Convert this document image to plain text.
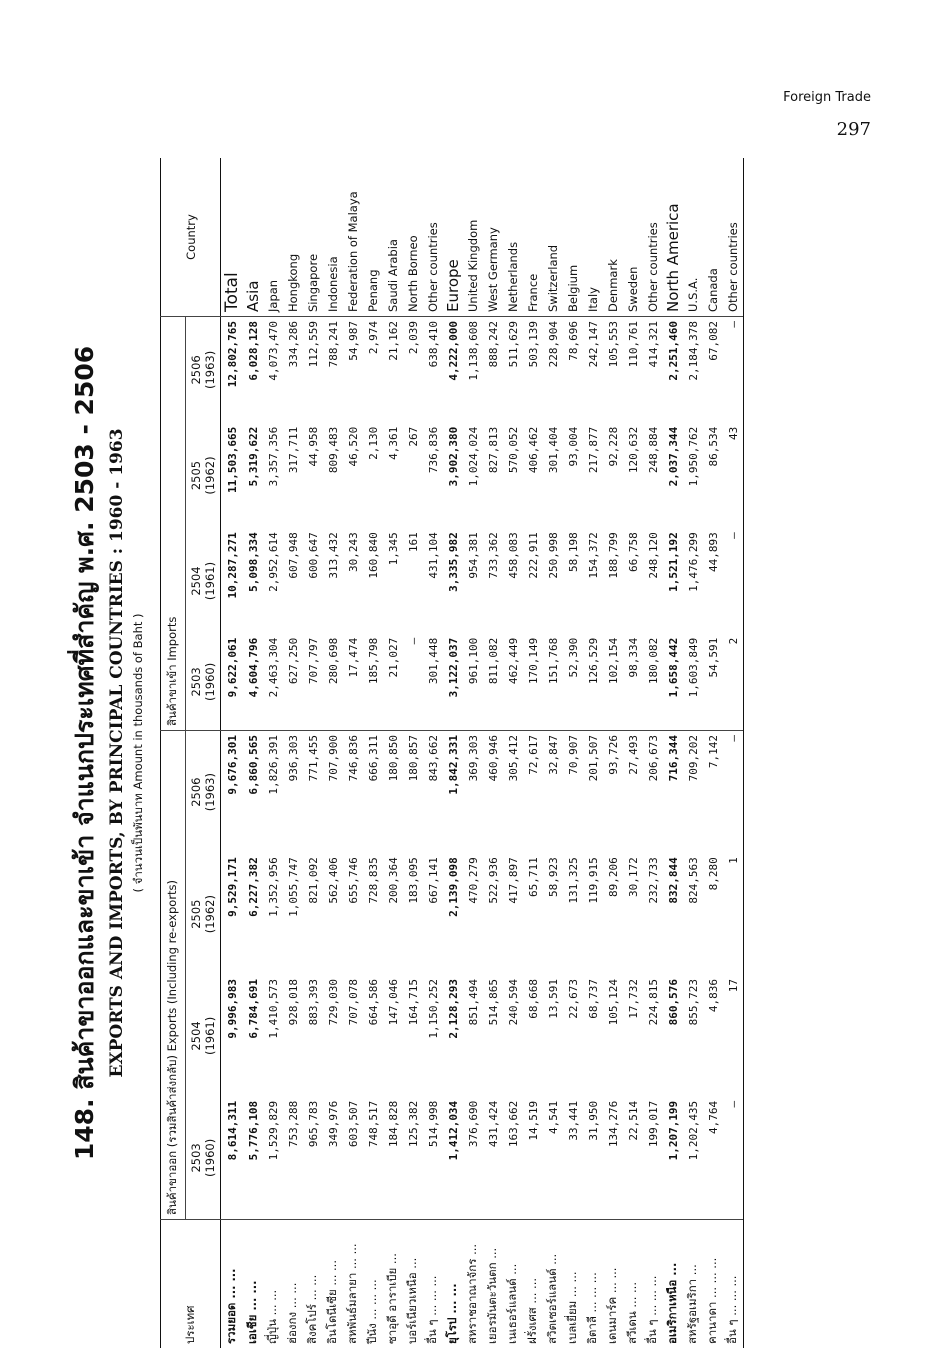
Foreign Trade
297
148. สินค้าขาออกและขาเข้า จำแนกประเทศที่สำคัญ พ.ศ. 2503 - 2506 EXPORTS AND IMPORTS, BY PRINCIPAL COUNTRIES : 1960 - 1963 ( จำนวนเป็นพันบาท Amount in thousands of Baht )
ประเทศ	สินค้าขาออก (รวมสินค้าส่งกลับ) Exports (Including re-exports)				สินค้าขาเข้า Imports				Country
	2503
(1960)	2504
(1961)	2505
(1962)	2506
(1963)	2503
(1960)	2504
(1961)	2505
(1962)	2506
(1963)	
รวมยอด ... ...	8,614,311	9,996,983	9,529,171	9,676,301	9,622,061	10,287,271	11,503,665	12,802,765	Total
เอเชีย ... ...	5,776,108	6,784,691	6,227,382	6,860,565	4,604,796	5,098,334	5,319,622	6,028,128	Asia
ญี่ปุ่น ... ...	1,529,829	1,410,573	1,352,956	1,826,391	2,463,304	2,952,614	3,357,356	4,073,470	Japan
ฮ่องกง ... ...	753,288	928,018	1,055,747	936,303	627,250	607,948	317,711	334,286	Hongkong
สิงคโปร์ ... ...	965,783	883,393	821,092	771,455	707,797	600,647	44,958	112,559	Singapore
อินโดนีเซีย ... ...	349,976	729,030	562,406	707,900	280,698	313,432	809,483	788,241	Indonesia
สหพันธ์มลายา ... ...	603,507	707,078	655,746	746,836	17,474	30,243	46,520	54,987	Federation of Malaya
ปีนัง ... ... ...	748,517	664,586	728,835	666,311	185,798	160,840	2,130	2,974	Penang
ซาอุดี อาราเบีย ...	184,828	147,046	200,364	180,850	21,027	1,345	4,361	21,162	Saudi Arabia
บอร์เนียวเหนือ ...	125,382	164,715	183,095	180,857	—	161	267	2,039	North Borneo
อื่น ๆ ... ... ...	514,998	1,150,252	667,141	843,662	301,448	431,104	736,836	638,410	Other countries
ยุโรป ... ...	1,412,034	2,128,293	2,139,098	1,842,331	3,122,037	3,335,982	3,902,380	4,222,000	Europe
สหราชอาณาจักร ...	376,690	851,494	470,279	369,303	961,100	954,381	1,024,024	1,138,608	United Kingdom
เยอรมันตะวันตก ...	431,424	514,865	522,936	460,946	811,082	733,362	827,813	888,242	West Germany
เนเธอร์แลนด์ ...	163,662	240,594	417,897	305,412	462,449	458,083	570,052	511,629	Netherlands
ฝรั่งเศส ... ...	14,519	68,668	65,711	72,617	170,149	222,911	406,462	503,139	France
สวิตเซอร์แลนด์ ...	4,541	13,591	58,923	32,847	151,768	250,998	301,404	228,904	Switzerland
เบลเยี่ยม ... ...	33,441	22,673	131,325	70,907	52,390	58,198	93,004	78,696	Belgium
อิตาลี ... ... ...	31,950	68,737	119,915	201,507	126,529	154,372	217,877	242,147	Italy
เดนมาร์ค ... ...	134,276	105,124	89,206	93,726	102,154	188,799	92,228	105,553	Denmark
สวีเดน ... ...	22,514	17,732	30,172	27,493	98,334	66,758	120,632	110,761	Sweden
อื่น ๆ ... ... ...	199,017	224,815	232,733	206,673	180,082	248,120	248,884	414,321	Other countries
อเมริกาเหนือ ...	1,207,199	860,576	832,844	716,344	1,658,442	1,521,192	2,037,344	2,251,460	North America
สหรัฐอเมริกา ...	1,202,435	855,723	824,563	709,202	1,603,849	1,476,299	1,950,762	2,184,378	U.S.A.
คานาดา ... ... ...	4,764	4,836	8,280	7,142	54,591	44,893	86,534	67,082	Canada
อื่น ๆ ... ... ...	—	17	1	—	2	—	43	—	Other countries
